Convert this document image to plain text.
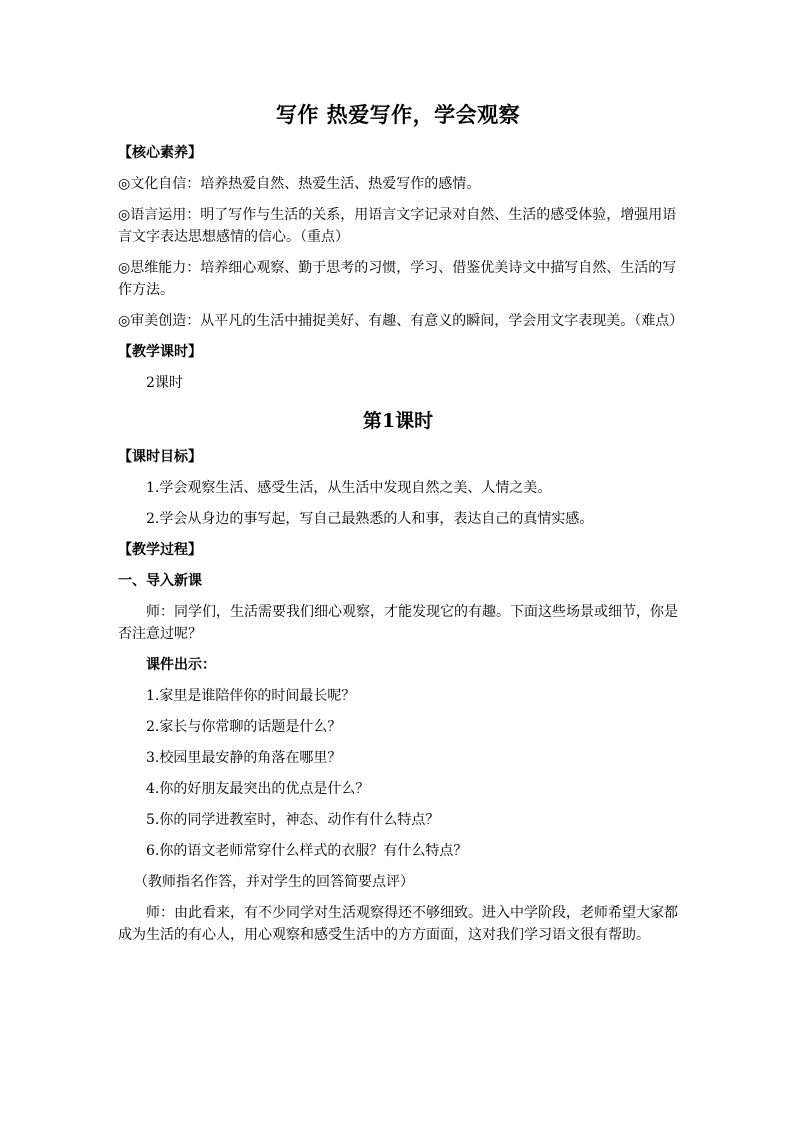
写作 热爱写作，学会观察
【核心素养】
◎文化自信：培养热爱自然、热爱生活、热爱写作的感情。
◎语言运用：明了写作与生活的关系，用语言文字记录对自然、生活的感受体验，增强用语言文字表达思想感情的信心。（重点）
◎思维能力：培养细心观察、勤于思考的习惯，学习、借鉴优美诗文中描写自然、生活的写作方法。
◎审美创造：从平凡的生活中捕捉美好、有趣、有意义的瞬间，学会用文字表现美。（难点）
【教学课时】
2课时
第1课时
【课时目标】
1.学会观察生活、感受生活，从生活中发现自然之美、人情之美。
2.学会从身边的事写起，写自己最熟悉的人和事，表达自己的真情实感。
【教学过程】
一、导入新课
师：同学们，生活需要我们细心观察，才能发现它的有趣。下面这些场景或细节，你是否注意过呢？
课件出示：
1.家里是谁陪伴你的时间最长呢？
2.家长与你常聊的话题是什么？
3.校园里最安静的角落在哪里？
4.你的好朋友最突出的优点是什么？
5.你的同学进教室时，神态、动作有什么特点？
6.你的语文老师常穿什么样式的衣服？有什么特点？
（教师指名作答，并对学生的回答简要点评）
师：由此看来，有不少同学对生活观察得还不够细致。进入中学阶段，老师希望大家都成为生活的有心人，用心观察和感受生活中的方方面面，这对我们学习语文很有帮助。
